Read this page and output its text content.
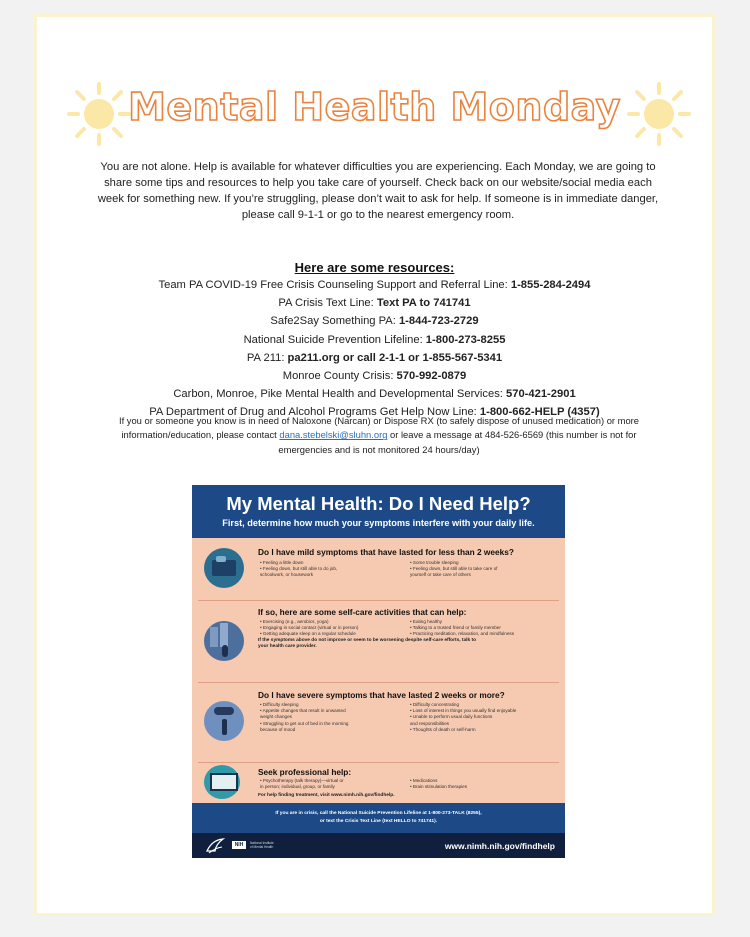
Mental Health Monday
You are not alone. Help is available for whatever difficulties you are experiencing. Each Monday, we are going to share some tips and resources to help you take care of yourself. Check back on our website/social media each week for something new. If you’re struggling, please don’t wait to ask for help. If someone is in immediate danger, please call 9-1-1 or go to the nearest emergency room.
Here are some resources:
Team PA COVID-19 Free Crisis Counseling Support and Referral Line: 1-855-284-2494
PA Crisis Text Line: Text PA to 741741
Safe2Say Something PA: 1-844-723-2729
National Suicide Prevention Lifeline: 1-800-273-8255
PA 211: pa211.org or call 2-1-1 or 1-855-567-5341
Monroe County Crisis: 570-992-0879
Carbon, Monroe, Pike Mental Health and Developmental Services: 570-421-2901
PA Department of Drug and Alcohol Programs Get Help Now Line: 1-800-662-HELP (4357)
If you or someone you know is in need of Naloxone (Narcan) or Dispose RX (to safely dispose of unused medication) or more information/education, please contact dana.stebelski@sluhn.org or leave a message at 484-526-6569 (this number is not for emergencies and is not monitored 24 hours/day)
My Mental Health: Do I Need Help?
First, determine how much your symptoms interfere with your daily life.
Do I have mild symptoms that have lasted for less than 2 weeks?
• Feeling a little down
• Feeling down, but still able to do job,
schoolwork, or housework
• Some trouble sleeping
• Feeling down, but still able to take care of
yourself or take care of others
If so, here are some self-care activities that can help:
• Exercising (e.g., aerobics, yoga)
• Engaging in social contact (virtual or in person)
• Getting adequate sleep on a regular schedule
• Eating healthy
• Talking to a trusted friend or family member
• Practicing meditation, relaxation, and mindfulness
If the symptoms above do not improve or seem to be worsening despite self-care efforts, talk to
your health care provider.
Do I have severe symptoms that have lasted 2 weeks or more?
• Difficulty sleeping
• Appetite changes that result in unwanted
weight changes
• Struggling to get out of bed in the morning
because of mood
• Difficulty concentrating
• Loss of interest in things you usually find enjoyable
• Unable to perform usual daily functions
and responsibilities
• Thoughts of death or self-harm
Seek professional help:
• Psychotherapy (talk therapy)—virtual or
in person; individual, group, or family
• Medications
• Brain stimulation therapies
For help finding treatment, visit www.nimh.nih.gov/findhelp.
If you are in crisis, call the National Suicide Prevention Lifeline at 1-800-273-TALK (8255),
or text the Crisis Text Line (text HELLO to 741741).
NIH	National Institute
of Mental Health	www.nimh.nih.gov/findhelp
